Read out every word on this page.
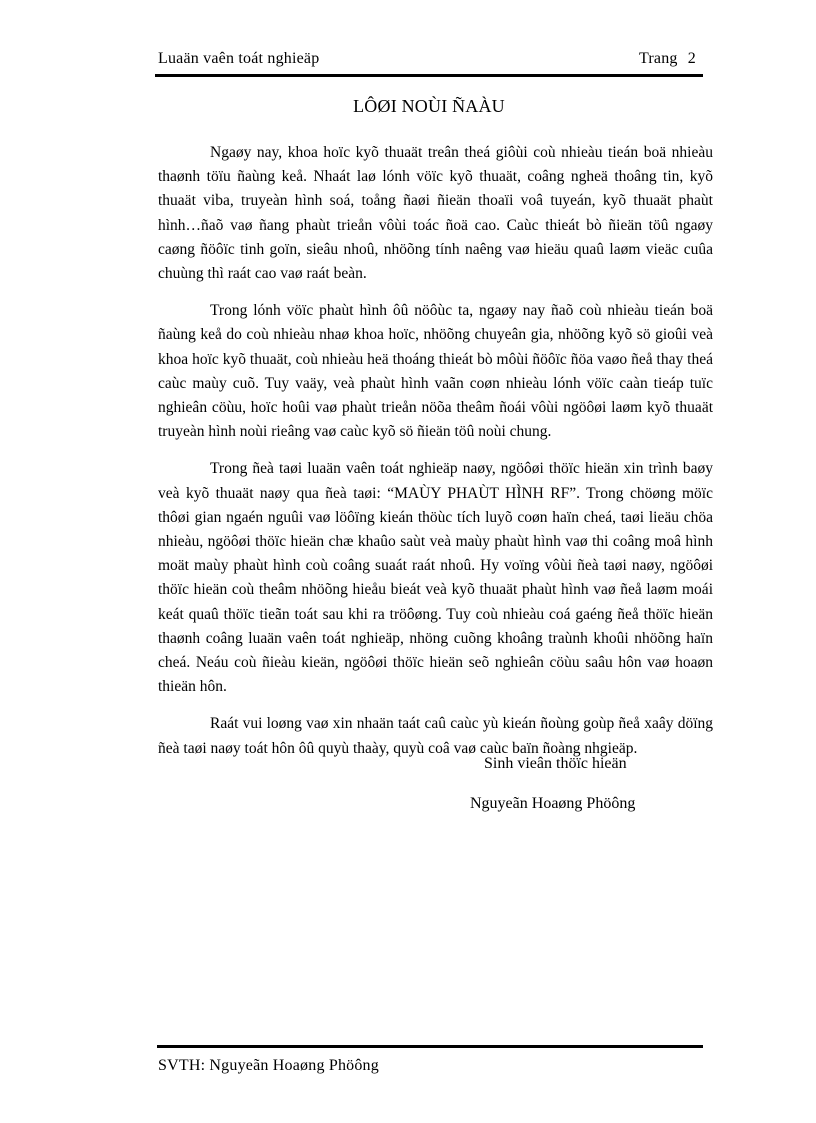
Luaän vaên toát nghieäp	Trang 2
LÔØI NOÙI ÑAÀU

Ngaøy nay, khoa hoïc kyõ thuaät treân theá giôùi coù nhieàu tieán boä nhieàu thaønh töïu ñaùng keå. Nhaát laø lónh vöïc kyõ thuaät, coâng ngheä thoâng tin, kyõ thuaät viba, truyeàn hình soá, toång ñaøi ñieän thoaïi voâ tuyeán, kyõ thuaät phaùt hình…ñaõ vaø ñang phaùt trieån vôùi toác ñoä cao. Caùc thieát bò ñieän töû ngaøy caøng ñöôïc tinh goïn, sieâu nhoû, nhöõng tính naêng vaø hieäu quaû laøm vieäc cuûa chuùng thì raát cao vaø raát beàn.

Trong lónh vöïc phaùt hình ôû nöôùc ta, ngaøy nay ñaõ coù nhieàu tieán boä ñaùng keå do coù nhieàu nhaø khoa hoïc, nhöõng chuyeân gia, nhöõng kyõ sö gioûi veà khoa hoïc kyõ thuaät, coù nhieàu heä thoáng thieát bò môùi ñöôïc ñöa vaøo ñeå thay theá caùc maùy cuõ. Tuy vaäy, veà phaùt hình vaãn coøn nhieàu lónh vöïc caàn tieáp tuïc nghieân cöùu, hoïc hoûi vaø phaùt trieån nöõa theâm ñoái vôùi ngöôøi laøm kyõ thuaät truyeàn hình noùi rieâng vaø caùc kyõ sö ñieän töû noùi chung.

Trong ñeà taøi luaän vaên toát nghieäp naøy, ngöôøi thöïc hieän xin trình baøy veà kyõ thuaät naøy qua ñeà taøi: “MAÙY PHAÙT HÌNH RF”. Trong chöøng möïc thôøi gian ngaén nguûi vaø löôïng kieán thöùc tích luyõ coøn haïn cheá, taøi lieäu chöa nhieàu, ngöôøi thöïc hieän chæ khaûo saùt veà maùy phaùt hình vaø thi coâng moâ hình moät maùy phaùt hình coù coâng suaát raát nhoû. Hy voïng vôùi ñeà taøi naøy, ngöôøi thöïc hieän coù theâm nhöõng hieåu bieát veà kyõ thuaät phaùt hình vaø ñeå laøm moái keát quaû thöïc tieãn toát sau khi ra tröôøng. Tuy coù nhieàu coá gaéng ñeå thöïc hieän thaønh coâng luaän vaên toát nghieäp, nhöng cuõng khoâng traùnh khoûi nhöõng haïn cheá. Neáu coù ñieàu kieän, ngöôøi thöïc hieän seõ nghieân cöùu saâu hôn vaø hoaøn thieän hôn.

Raát vui loøng vaø xin nhaän taát caû caùc yù kieán ñoùng goùp ñeå xaây döïng ñeà taøi naøy toát hôn ôû quyù thaày, quyù coâ vaø caùc baïn ñoàng nhgieäp.

Sinh vieân thöïc hieän
Nguyeãn Hoaøng Phöông
SVTH: Nguyeãn Hoaøng Phöông
